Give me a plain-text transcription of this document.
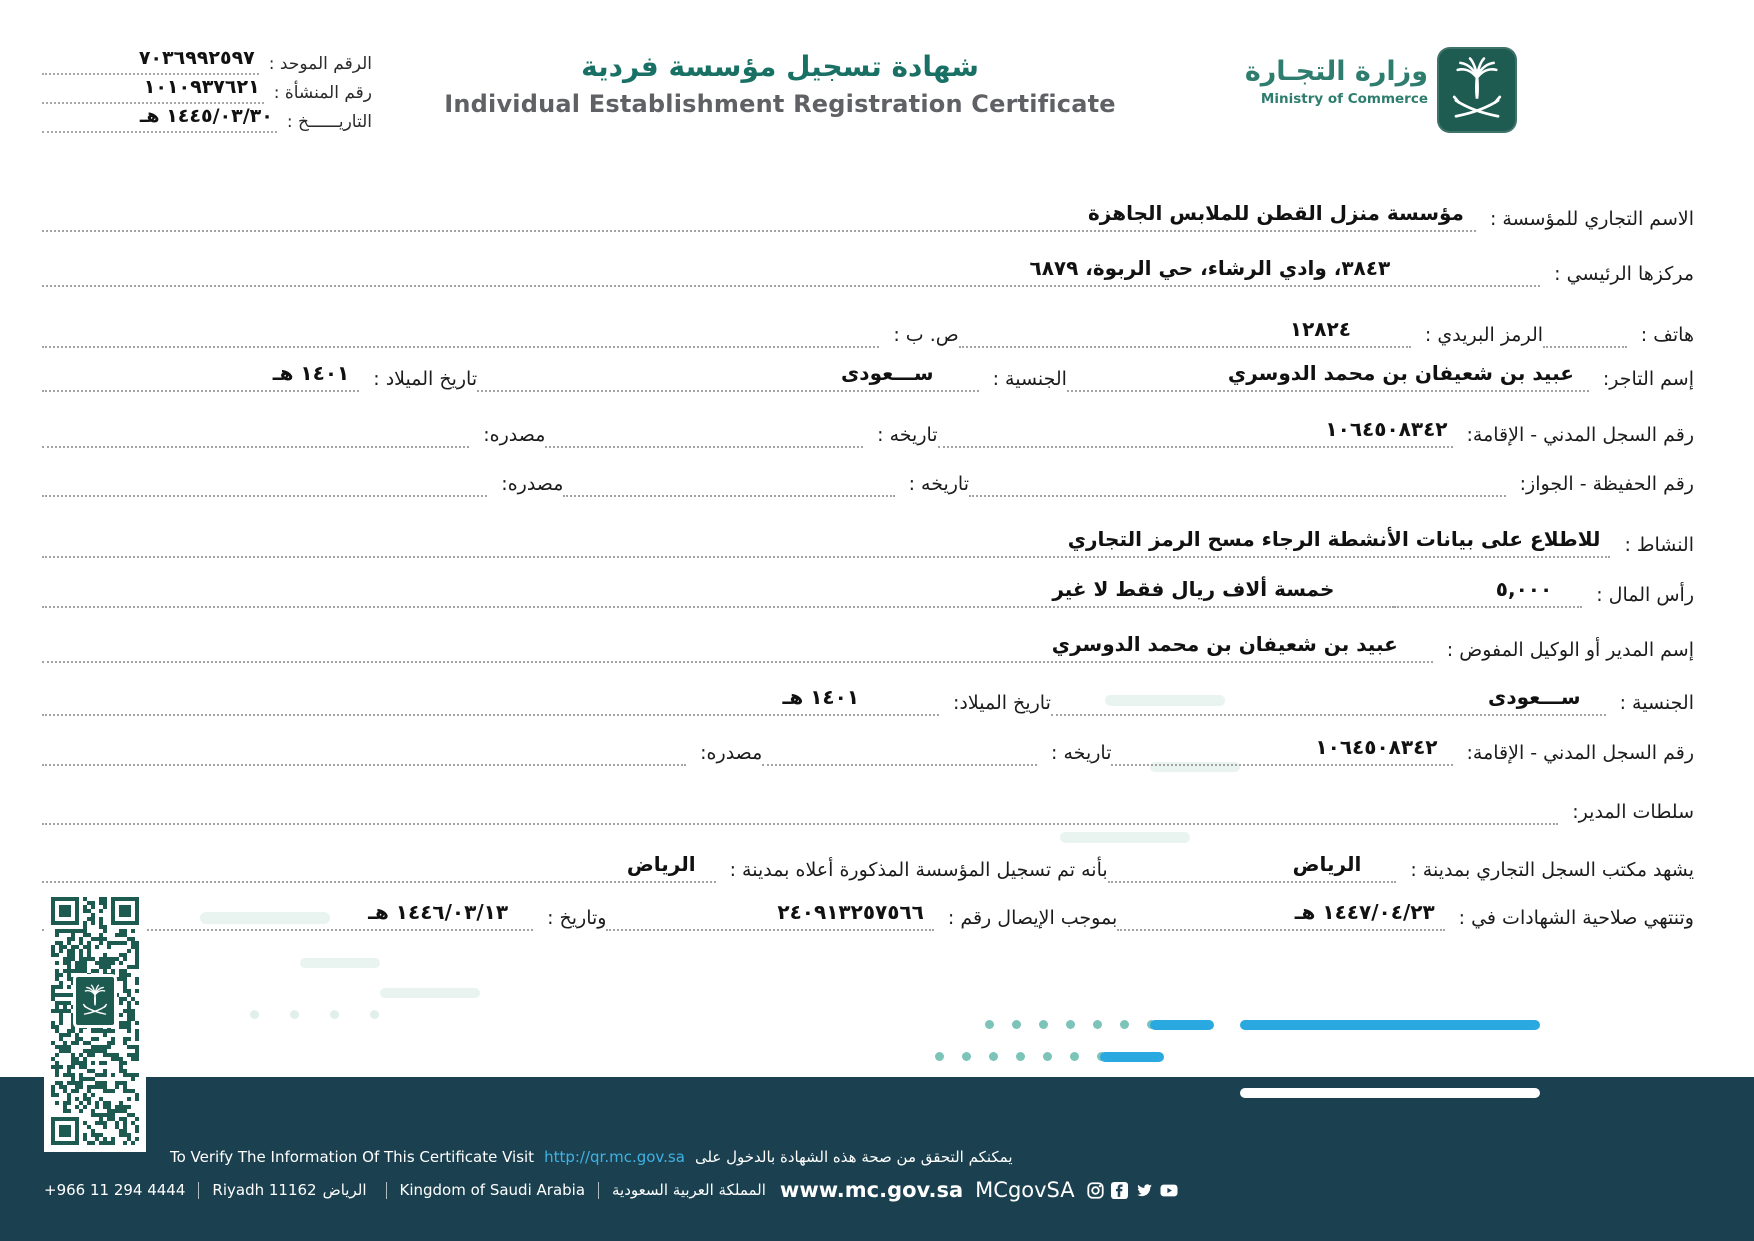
الرقم الموحد :
٧٠٣٦٩٩٢٥٩٧
رقم المنشأة :
١٠١٠٩٣٧٦٢١
التاريــــــخ :
١٤٤٥/٠٣/٣٠ هـ
شهادة تسجيل مؤسسة فردية
Individual Establishment Registration Certificate
وزارة التجـارة
Ministry of Commerce
الاسم التجاري للمؤسسة :
مؤسسة منزل القطن للملابس الجاهزة
مركزها الرئيسي :
٣٨٤٣، وادي الرشاء، حي الربوة، ٦٨٧٩
هاتف :
الرمز البريدي :
١٢٨٢٤
ص. ب :
إسم التاجر:
عبيد بن شعيفان بن محمد الدوسري
الجنسية :
ســـعودى
تاريخ الميلاد :
١٤٠١ هـ
رقم السجل المدني - الإقامة:
١٠٦٤٥٠٨٣٤٢
تاريخه :
مصدره:
رقم الحفيظة - الجواز:
تاريخه :
مصدره:
النشاط :
للاطلاع على بيانات الأنشطة الرجاء مسح الرمز التجاري
رأس المال :
٥,٠٠٠
خمسة ألاف ريال فقط لا غير
إسم المدير أو الوكيل المفوض :
عبيد بن شعيفان بن محمد الدوسري
الجنسية :
ســـعودى
تاريخ الميلاد:
١٤٠١ هـ
رقم السجل المدني - الإقامة:
١٠٦٤٥٠٨٣٤٢
تاريخه :
مصدره:
سلطات المدير:
يشهد مكتب السجل التجاري بمدينة :
الرياض
بأنه تم تسجيل المؤسسة المذكورة أعلاه بمدينة :
الرياض
وتنتهي صلاحية الشهادات في :
١٤٤٧/٠٤/٢٣ هـ
بموجب الإيصال رقم :
٢٤٠٩١٣٢٥٧٥٦٦
وتاريخ :
١٤٤٦/٠٣/١٣ هـ
To Verify The Information Of This Certificate Visit http://qr.mc.gov.sa يمكنكم التحقق من صحة هذه الشهادة بالدخول على
+966 11 294 4444 Riyadh 11162 الرياض Kingdom of Saudi Arabia المملكة العربية السعودية www.mc.gov.sa MCgovSA
